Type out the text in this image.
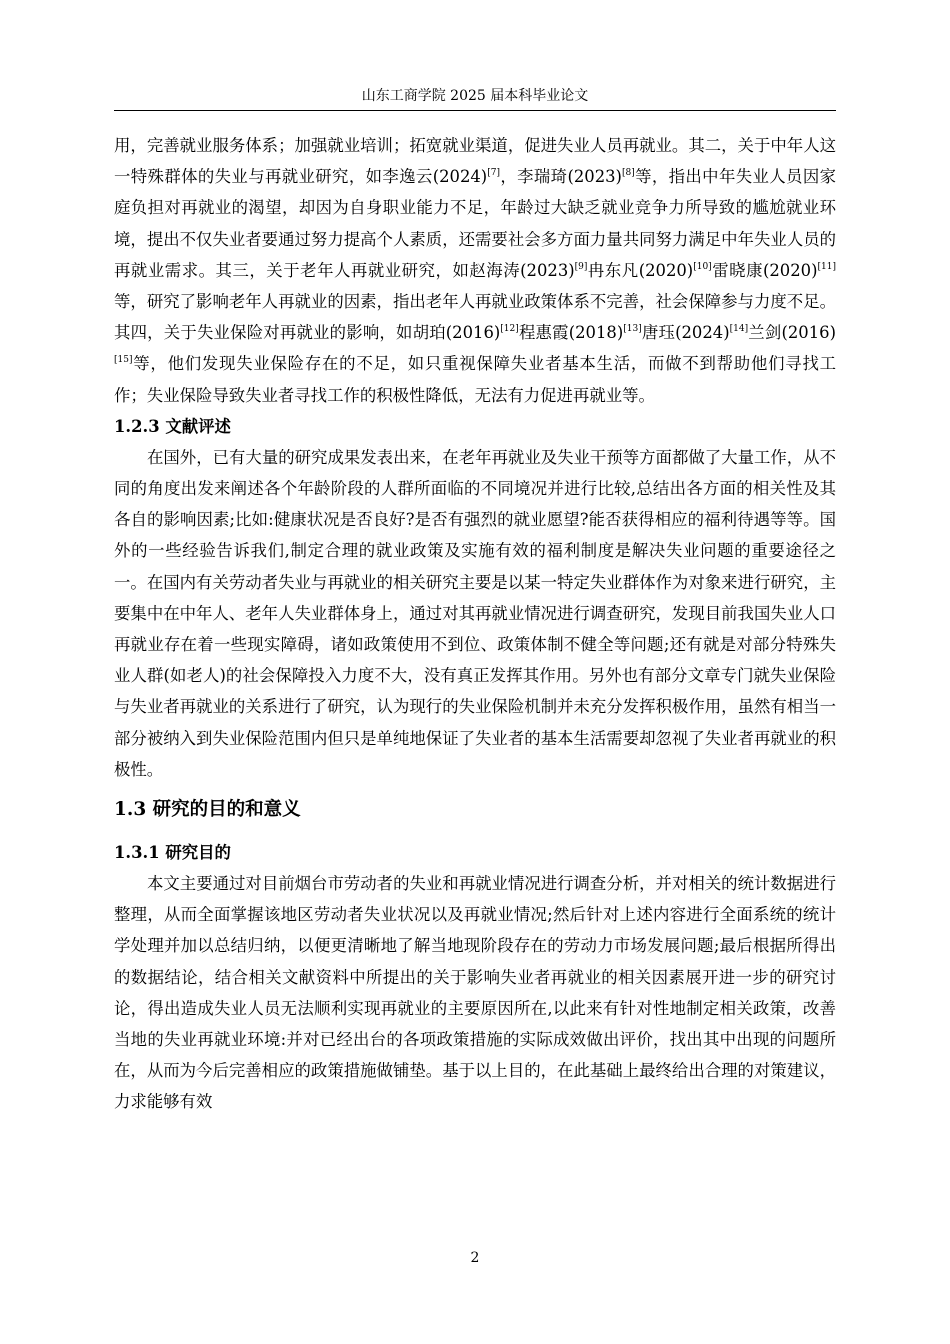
山东工商学院 2025 届本科毕业论文

用，完善就业服务体系；加强就业培训；拓宽就业渠道，促进失业人员再就业。其二，关于中年人这一特殊群体的失业与再就业研究，如李逸云(2024)[7]，李瑞琦(2023)[8]等，指出中年失业人员因家庭负担对再就业的渴望，却因为自身职业能力不足，年龄过大缺乏就业竞争力所导致的尴尬就业环境，提出不仅失业者要通过努力提高个人素质，还需要社会多方面力量共同努力满足中年失业人员的再就业需求。其三，关于老年人再就业研究，如赵海涛(2023)[9]冉东凡(2020)[10]雷晓康(2020)[11]等，研究了影响老年人再就业的因素，指出老年人再就业政策体系不完善，社会保障参与力度不足。其四，关于失业保险对再就业的影响，如胡珀(2016)[12]程惠霞(2018)[13]唐珏(2024)[14]兰剑(2016)[15]等，他们发现失业保险存在的不足，如只重视保障失业者基本生活，而做不到帮助他们寻找工作；失业保险导致失业者寻找工作的积极性降低，无法有力促进再就业等。

1.2.3 文献评述

在国外，已有大量的研究成果发表出来，在老年再就业及失业干预等方面都做了大量工作，从不同的角度出发来阐述各个年龄阶段的人群所面临的不同境况并进行比较,总结出各方面的相关性及其各自的影响因素;比如:健康状况是否良好?是否有强烈的就业愿望?能否获得相应的福利待遇等等。国外的一些经验告诉我们,制定合理的就业政策及实施有效的福利制度是解决失业问题的重要途径之一。在国内有关劳动者失业与再就业的相关研究主要是以某一特定失业群体作为对象来进行研究，主要集中在中年人、老年人失业群体身上，通过对其再就业情况进行调查研究，发现目前我国失业人口再就业存在着一些现实障碍，诸如政策使用不到位、政策体制不健全等问题;还有就是对部分特殊失业人群(如老人)的社会保障投入力度不大，没有真正发挥其作用。另外也有部分文章专门就失业保险与失业者再就业的关系进行了研究，认为现行的失业保险机制并未充分发挥积极作用，虽然有相当一部分被纳入到失业保险范围内但只是单纯地保证了失业者的基本生活需要却忽视了失业者再就业的积极性。

1.3 研究的目的和意义
1.3.1 研究目的

本文主要通过对目前烟台市劳动者的失业和再就业情况进行调查分析，并对相关的统计数据进行整理，从而全面掌握该地区劳动者失业状况以及再就业情况;然后针对上述内容进行全面系统的统计学处理并加以总结归纳，以便更清晰地了解当地现阶段存在的劳动力市场发展问题;最后根据所得出的数据结论，结合相关文献资料中所提出的关于影响失业者再就业的相关因素展开进一步的研究讨论，得出造成失业人员无法顺利实现再就业的主要原因所在,以此来有针对性地制定相关政策，改善当地的失业再就业环境:并对已经出台的各项政策措施的实际成效做出评价，找出其中出现的问题所在，从而为今后完善相应的政策措施做铺垫。基于以上目的，在此基础上最终给出合理的对策建议，力求能够有效

2
